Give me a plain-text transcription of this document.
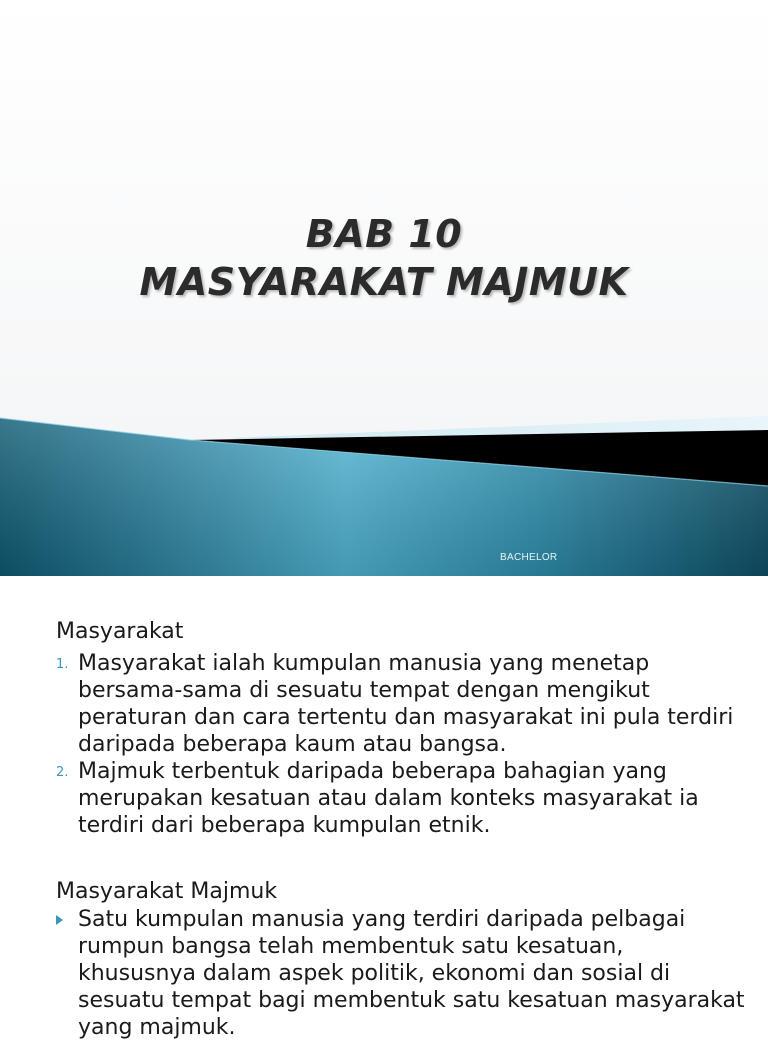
BAB 10
MASYARAKAT MAJMUK
BACHELOR
Masyarakat
1. Masyarakat ialah kumpulan manusia yang menetap bersama-sama di sesuatu tempat dengan mengikut peraturan dan cara tertentu dan masyarakat ini pula terdiri daripada beberapa kaum atau bangsa.
2. Majmuk terbentuk daripada beberapa bahagian yang merupakan kesatuan atau dalam konteks masyarakat ia terdiri dari beberapa kumpulan etnik.
Masyarakat Majmuk
Satu kumpulan manusia yang terdiri daripada pelbagai rumpun bangsa telah membentuk satu kesatuan, khususnya dalam aspek politik, ekonomi dan sosial di sesuatu tempat bagi membentuk satu kesatuan masyarakat yang majmuk.
